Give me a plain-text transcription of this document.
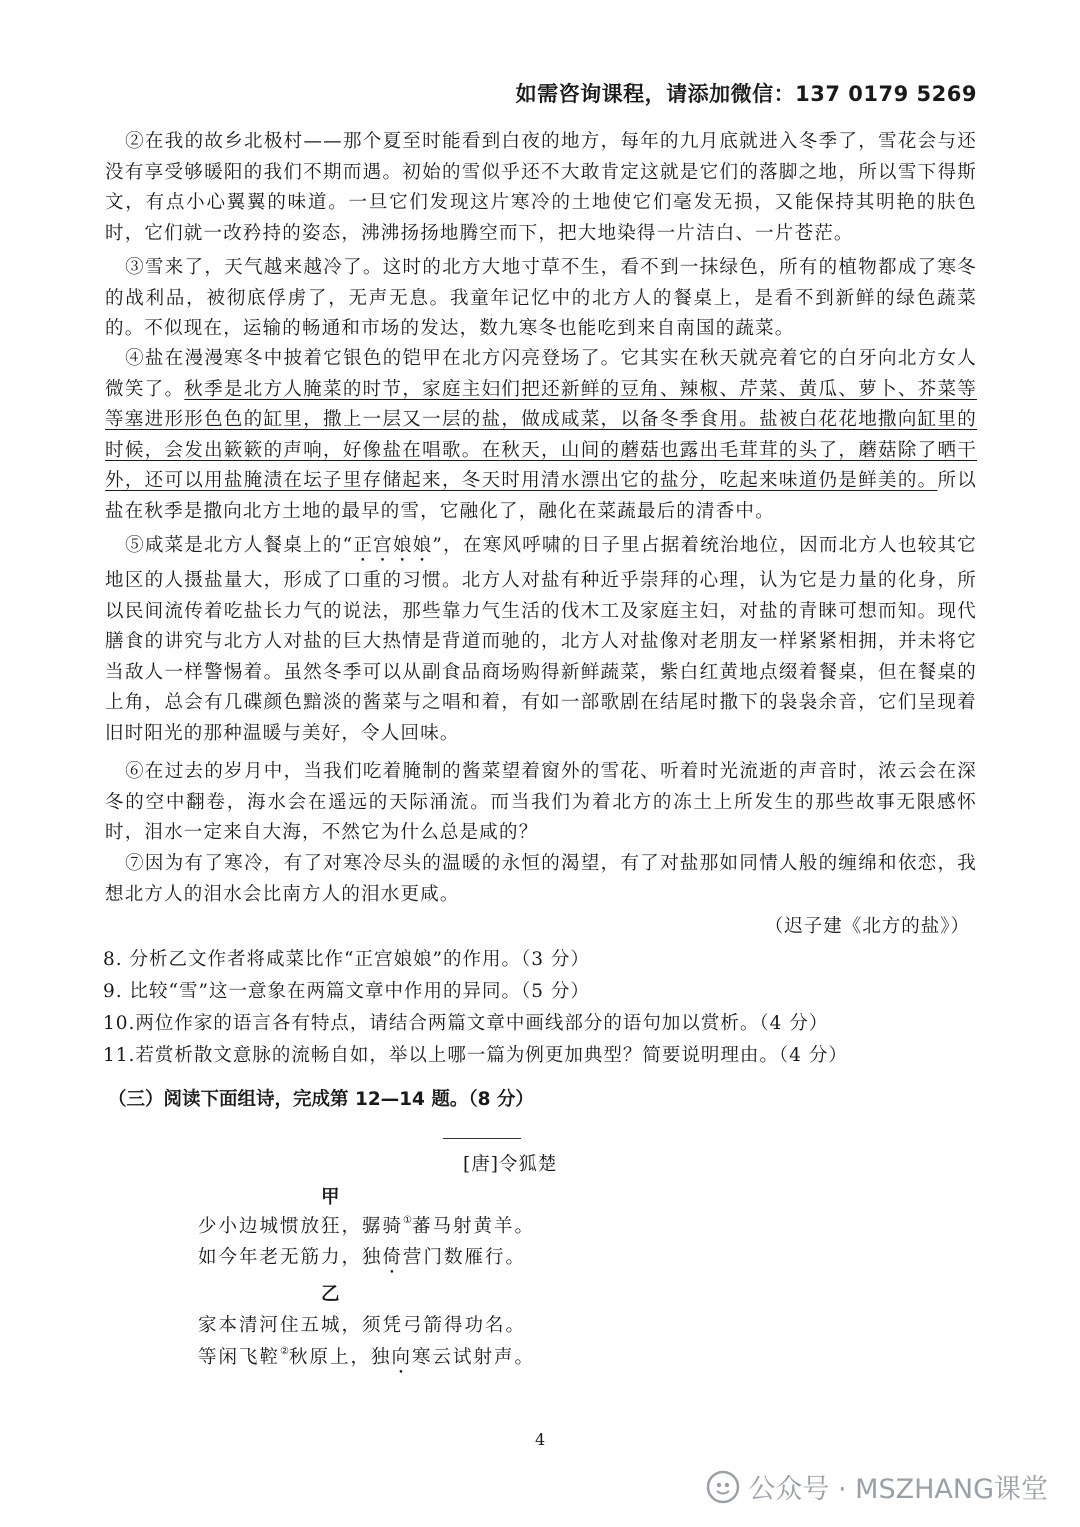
如需咨询课程，请添加微信：137 0179 5269

②在我的故乡北极村——那个夏至时能看到白夜的地方，每年的九月底就进入冬季了，雪花会与还没有享受够暖阳的我们不期而遇。初始的雪似乎还不大敢肯定这就是它们的落脚之地，所以雪下得斯文，有点小心翼翼的味道。一旦它们发现这片寒冷的土地使它们毫发无损，又能保持其明艳的肤色时，它们就一改矜持的姿态，沸沸扬扬地腾空而下，把大地染得一片洁白、一片苍茫。

③雪来了，天气越来越冷了。这时的北方大地寸草不生，看不到一抹绿色，所有的植物都成了寒冬的战利品，被彻底俘虏了，无声无息。我童年记忆中的北方人的餐桌上，是看不到新鲜的绿色蔬菜的。不似现在，运输的畅通和市场的发达，数九寒冬也能吃到来自南国的蔬菜。

④盐在漫漫寒冬中披着它银色的铠甲在北方闪亮登场了。它其实在秋天就亮着它的白牙向北方女人微笑了。秋季是北方人腌菜的时节，家庭主妇们把还新鲜的豆角、辣椒、芹菜、黄瓜、萝卜、芥菜等等塞进形形色色的缸里，撒上一层又一层的盐，做成咸菜，以备冬季食用。盐被白花花地撒向缸里的时候，会发出簌簌的声响，好像盐在唱歌。在秋天，山间的蘑菇也露出毛茸茸的头了，蘑菇除了晒干外，还可以用盐腌渍在坛子里存储起来，冬天时用清水漂出它的盐分，吃起来味道仍是鲜美的。所以盐在秋季是撒向北方土地的最早的雪，它融化了，融化在菜蔬最后的清香中。

⑤咸菜是北方人餐桌上的“正宫娘娘”，在寒风呼啸的日子里占据着统治地位，因而北方人也较其它地区的人摄盐量大，形成了口重的习惯。北方人对盐有种近乎崇拜的心理，认为它是力量的化身，所以民间流传着吃盐长力气的说法，那些靠力气生活的伐木工及家庭主妇，对盐的青睐可想而知。现代膳食的讲究与北方人对盐的巨大热情是背道而驰的，北方人对盐像对老朋友一样紧紧相拥，并未将它当敌人一样警惕着。虽然冬季可以从副食品商场购得新鲜蔬菜，紫白红黄地点缀着餐桌，但在餐桌的上角，总会有几碟颜色黯淡的酱菜与之唱和着，有如一部歌剧在结尾时撒下的袅袅余音，它们呈现着旧时阳光的那种温暖与美好，令人回味。

⑥在过去的岁月中，当我们吃着腌制的酱菜望着窗外的雪花、听着时光流逝的声音时，浓云会在深冬的空中翻卷，海水会在遥远的天际涌流。而当我们为着北方的冻土上所发生的那些故事无限感怀时，泪水一定来自大海，不然它为什么总是咸的？

⑦因为有了寒冷，有了对寒冷尽头的温暖的永恒的渴望，有了对盐那如同情人般的缠绵和依恋，我想北方人的泪水会比南方人的泪水更咸。

（迟子建《北方的盐》）

8. 分析乙文作者将咸菜比作“正宫娘娘”的作用。（3 分）

9. 比较“雪”这一意象在两篇文章中作用的异同。（5 分）

10.两位作家的语言各有特点，请结合两篇文章中画线部分的语句加以赏析。（4 分）

11.若赏析散文意脉的流畅自如，举以上哪一篇为例更加典型？简要说明理由。（4 分）

（三）阅读下面组诗，完成第 12—14 题。（8 分）
[唐]令狐楚
甲
少小边城惯放狂，骣骑①蕃马射黄羊。
如今年老无筋力，独倚营门数雁行。
乙
家本清河住五城，须凭弓箭得功名。
等闲飞鞚②秋原上，独向寒云试射声。
4
公众号 · MSZHANG课堂
